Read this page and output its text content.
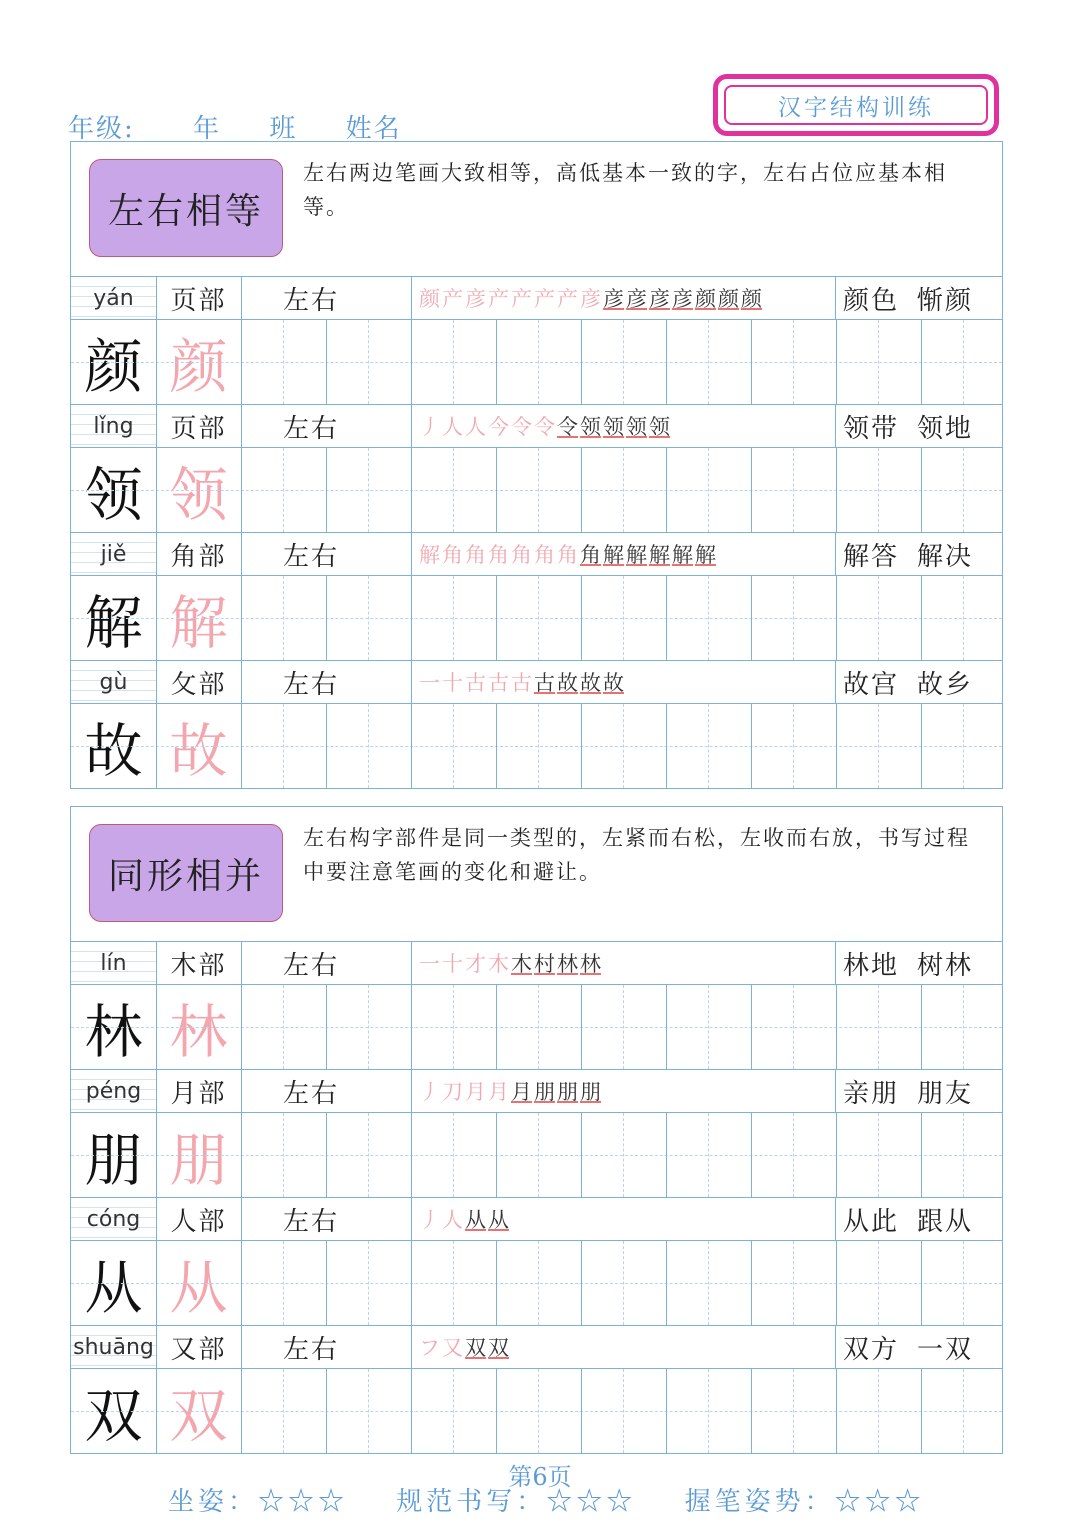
年级: 年 班 姓名
汉字结构训练
左右相等
左右两边笔画大致相等，高低基本一致的字，左右占位应基本相等。
yán	页部	左右	颜 产 彦 产 产 产 产 彦 彦 彦 彦 彦 颜 颜 颜	颜色 惭颜
颜 颜
lǐng	页部	左右	丿 人 人 今 令 令 令 领 领 领 领	领带 领地
领 领
jiě	角部	左右	解 角 角 角 角 角 角 角 解 解 解 解 解	解答 解决
解 解
gù	攵部	左右	一 十 古 古 古 古 故 故 故	故宫 故乡
故 故
同形相并
左右构字部件是同一类型的，左紧而右松，左收而右放，书写过程中要注意笔画的变化和避让。
lín	木部	左右	一 十 才 木 木 村 林 林	林地 树林
林 林
péng	月部	左右	丿 刀 月 月 月 朋 朋 朋	亲朋 朋友
朋 朋
cóng	人部	左右	丿 人 从 从	从此 跟从
从 从
shuāng 又部	左右	フ 又 双 双	双方 一双
双 双
第6页
坐姿：☆☆☆ 规范书写：☆☆☆ 握笔姿势：☆☆☆
